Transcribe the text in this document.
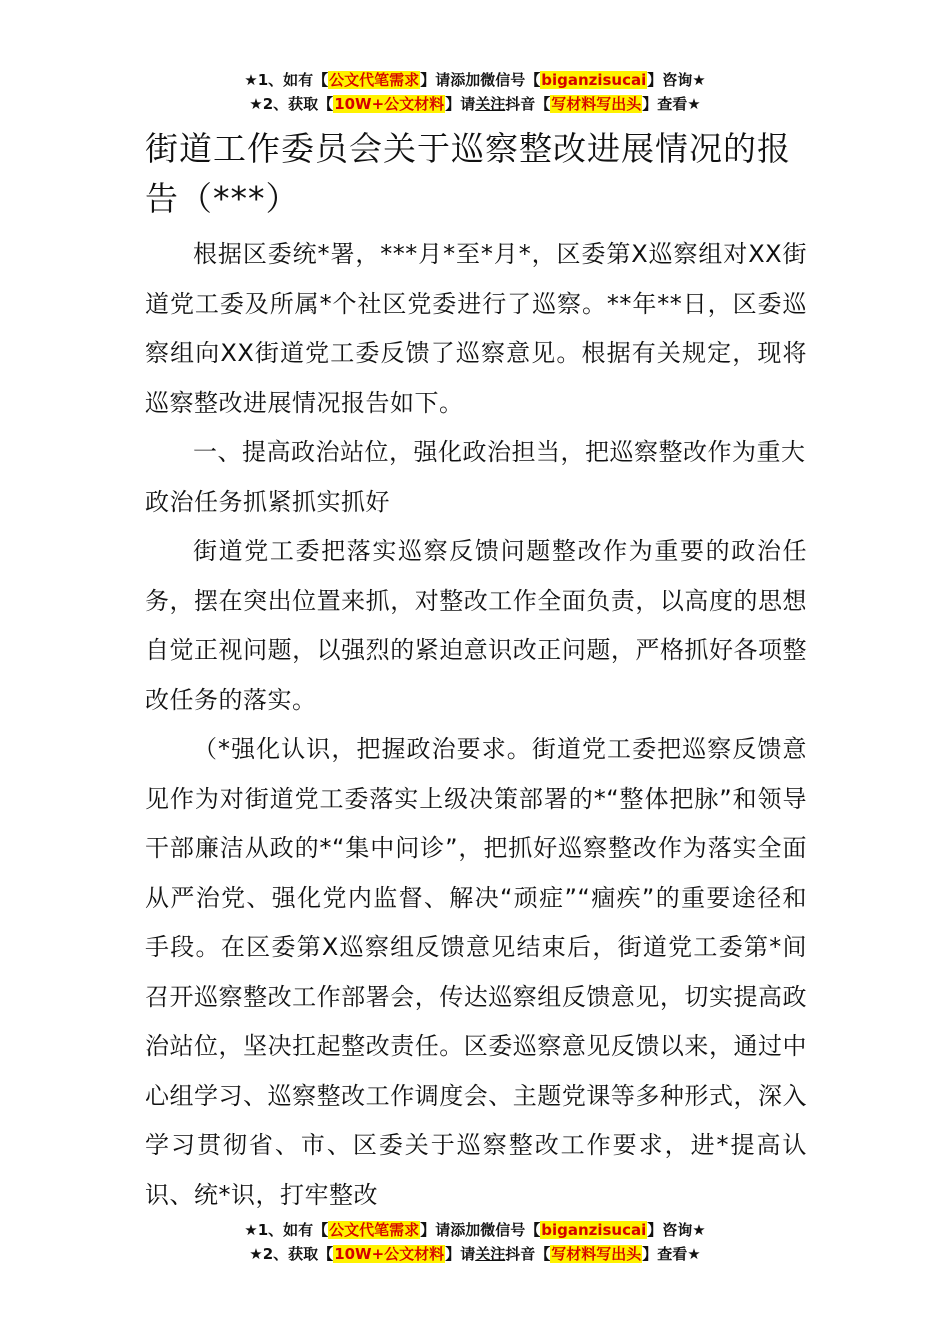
★1、如有【公文代笔需求】请添加微信号【biganzisucai】咨询★
★2、获取【10W+公文材料】请关注抖音【写材料写出头】查看★
街道工作委员会关于巡察整改进展情况的报告（***）

根据区委统*署，***月*至*月*，区委第X巡察组对XX街道党工委及所属*个社区党委进行了巡察。**年**日，区委巡察组向XX街道党工委反馈了巡察意见。根据有关规定，现将巡察整改进展情况报告如下。

一、提高政治站位，强化政治担当，把巡察整改作为重大政治任务抓紧抓实抓好

街道党工委把落实巡察反馈问题整改作为重要的政治任务，摆在突出位置来抓，对整改工作全面负责，以高度的思想自觉正视问题，以强烈的紧迫意识改正问题，严格抓好各项整改任务的落实。

（*强化认识，把握政治要求。街道党工委把巡察反馈意见作为对街道党工委落实上级决策部署的*“整体把脉”和领导干部廉洁从政的*“集中问诊”，把抓好巡察整改作为落实全面从严治党、强化党内监督、解决“顽症”“痼疾”的重要途径和手段。在区委第X巡察组反馈意见结束后，街道党工委第*间召开巡察整改工作部署会，传达巡察组反馈意见，切实提高政治站位，坚决扛起整改责任。区委巡察意见反馈以来，通过中心组学习、巡察整改工作调度会、主题党课等多种形式，深入学习贯彻省、市、区委关于巡察整改工作要求，进*提高认识、统*识，打牢整改

★1、如有【公文代笔需求】请添加微信号【biganzisucai】咨询★
★2、获取【10W+公文材料】请关注抖音【写材料写出头】查看★
